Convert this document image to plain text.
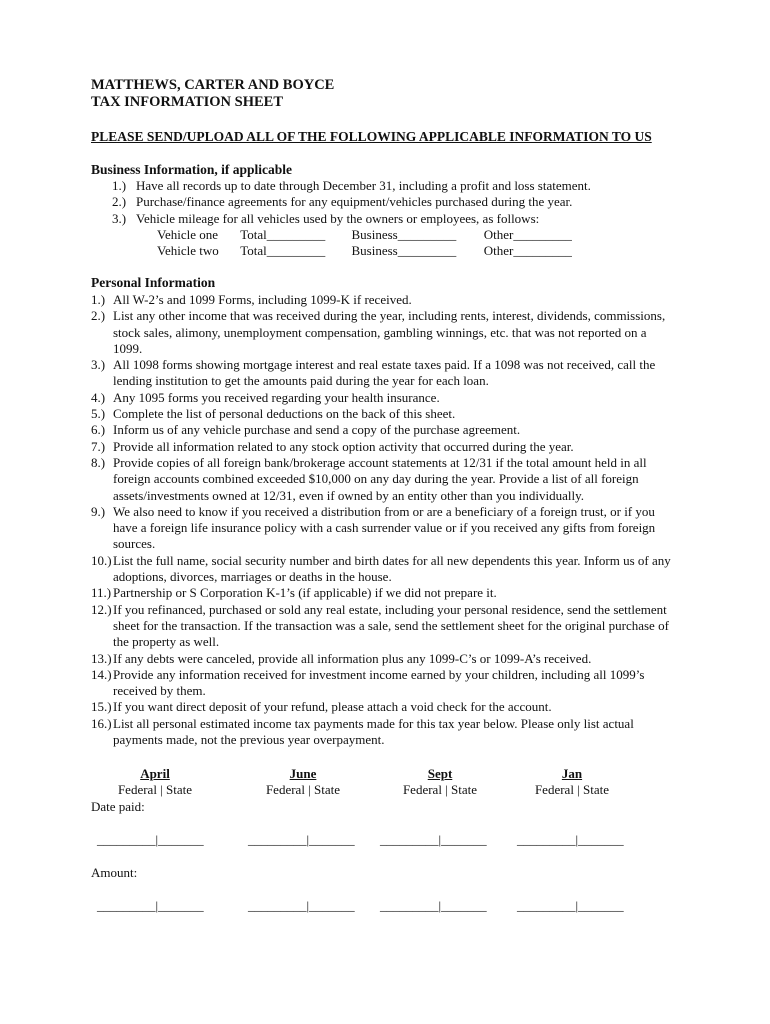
MATTHEWS, CARTER AND BOYCE
TAX INFORMATION SHEET
PLEASE SEND/UPLOAD ALL OF THE FOLLOWING APPLICABLE INFORMATION TO US
Business Information, if applicable
1.) Have all records up to date through December 31, including a profit and loss statement.
2.) Purchase/finance agreements for any equipment/vehicles purchased during the year.
3.) Vehicle mileage for all vehicles used by the owners or employees, as follows:
Vehicle one Total_________ Business_________ Other_________
Vehicle two Total_________ Business_________ Other_________
Personal Information
1.) All W-2’s and 1099 Forms, including 1099-K if received.
2.) List any other income that was received during the year, including rents, interest, dividends, commissions, stock sales, alimony, unemployment compensation, gambling winnings, etc. that was not reported on a 1099.
3.) All 1098 forms showing mortgage interest and real estate taxes paid. If a 1098 was not received, call the lending institution to get the amounts paid during the year for each loan.
4.) Any 1095 forms you received regarding your health insurance.
5.) Complete the list of personal deductions on the back of this sheet.
6.) Inform us of any vehicle purchase and send a copy of the purchase agreement.
7.) Provide all information related to any stock option activity that occurred during the year.
8.) Provide copies of all foreign bank/brokerage account statements at 12/31 if the total amount held in all foreign accounts combined exceeded $10,000 on any day during the year. Provide a list of all foreign assets/investments owned at 12/31, even if owned by an entity other than you individually.
9.) We also need to know if you received a distribution from or are a beneficiary of a foreign trust, or if you have a foreign life insurance policy with a cash surrender value or if you received any gifts from foreign sources.
10.) List the full name, social security number and birth dates for all new dependents this year. Inform us of any adoptions, divorces, marriages or deaths in the house.
11.) Partnership or S Corporation K-1’s (if applicable) if we did not prepare it.
12.) If you refinanced, purchased or sold any real estate, including your personal residence, send the settlement sheet for the transaction. If the transaction was a sale, send the settlement sheet for the original purchase of the property as well.
13.) If any debts were canceled, provide all information plus any 1099-C’s or 1099-A’s received.
14.) Provide any information received for investment income earned by your children, including all 1099’s received by them.
15.) If you want direct deposit of your refund, please attach a void check for the account.
16.) List all personal estimated income tax payments made for this tax year below. Please only list actual payments made, not the previous year overpayment.
April
Federal | State
June
Federal | State
Sept
Federal | State
Jan
Federal | State
Date paid:
_________|_______	_________|_______ _________|_______ _________|_______
Amount:
_________|_______	_________|_______ _________|_______ _________|_______
